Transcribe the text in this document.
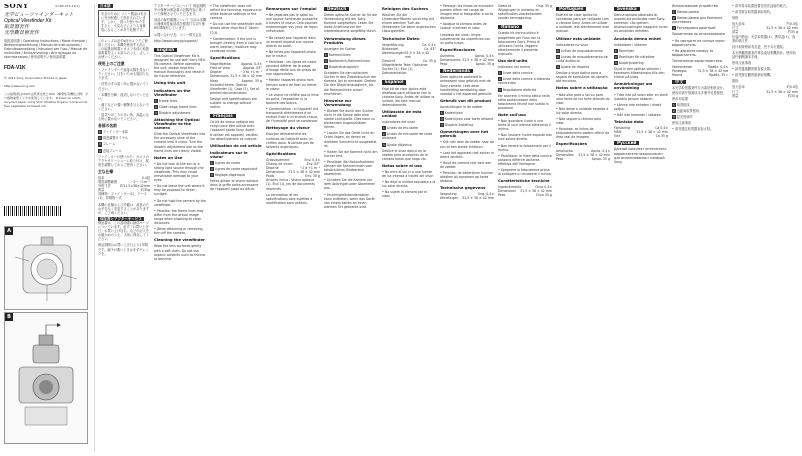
SONY
光学ビューファインダーキット
Optical Viewfinder Kit
取景器套件
光學觀景窗套件

取扱説明書 / Operating Instructions / Mode d'emploi / Bedienungsanleitung / Manual de instrucciones / Gebruiksaanwijzing / Istruzioni per l'uso / Manual de instruções / Bruksanvisning / Инструкция по эксплуатации / 使用说明书 / 使用說明書

FDA-V1K
© 2011 Sony Corporation Printed in Japan
http://www.sony.net/

この説明書は100%古紙再生紙とVOC（揮発性有機化合物）ゼロ植物油型インキを使用しています。 Printed on 100% recycled paper using VOC (Volatile Organic Compound)-free vegetable oil based ink.

4-193-371-11(1)
A
B
日本語

安全のために ソニー製品は安全に充分配慮して設計されています。しかし、誤った使いかたをすると、火災などにより人身事故になることがあり危険です。

このレンズは必ずα用カメラでご使用ください。本機を使用する前に、この取扱説明書とカメラ本体の取扱説明書をよくお読みのうえ、正しくお使いください。

使用上のご注意

・ファインダーで直接太陽を見ないでください。目をいためる原因となります。

・幼児の手の届く所に置かないでください。

・本機を分解・改造しないでください。

・落下などの強い衝撃を与えないでください。

・湿気やほこりの多い所、高温になる所に置かないでください。

各部の名前

1 ファインダー本体

2 視度調整ダイヤル

3 フレーム

4 近接フレーム

ファインダーの使いかた：カメラのアクセサリーシューに取り付け、視度を調整してからご使用ください。

主な仕様

倍率	0.4倍
視度調整範囲	−2〜＋1m⁻¹
外形寸法	約31.5×38×42mm
質量	約35g

同梱物：ファインダー(1)、ケース(1)、印刷物一式

本機の仕様および外観は、改良のため予告なく変更することがありますが、ご了承ください。

保証書とアフターサービス

保証書は、この説明書の最終ページについています。必ず「お買い上げ日・お買い上げ店名」などの記入をお確かめのうえ、大切に保存してください。

保証期間はお買い上げ日より1年間です。調子が悪いときはまずチェックを。

アフターサービスについて 保証期間中の修理は保証書の記載内容に基づいて修理させていただきます。

部品の保有期間について 当社は本機の補修用性能部品を製造打ち切り後6年間保有しています。

お問い合わせ先：ソニー株式会社

http://www.sony.jp/support/

English

This Optical Viewfinder Kit is designed for use with Sony NEX-5N camera. Before operating the unit, please read this manual thoroughly and retain it for future reference.

Using this unit

Indicators on the Viewfinder

1 Frame lines

2 Close range frame lines

3 Dioptric adjustment

Attaching the Optical Viewfinder to the camera

Slide the Optical Viewfinder into the accessory shoe of the camera until it clicks. Turn the dioptric adjustment dial so the frame lines are clearly visible.

Notes on Use

• Do not look at the sun or a strong light source through the viewfinder. This may cause irreversible damage to your eyes.

• Do not leave the unit where it may be exposed to direct sunlight.

• Do not hold the camera by the viewfinder.

• Parallax: the frame lines may differ from the actual image range when shooting at close distances.

• When attaching or removing, turn off the camera.

Cleaning the viewfinder

Wipe the lens surfaces gently with a soft cloth. Do not use organic solvents such as thinner or benzine.

• The viewfinder does not reflect the focusing, exposure or white balance settings of the camera.

• Do not use the viewfinder with lenses other than the E 16mm F2.8.

• Condensation: if the unit is brought directly from a cold to a warm location, moisture may condense inside.

Specifications

Magnification	Approx. 0.4×
Field of view	Approx. 83°
Diopter	−2 to +1 m⁻¹
Dimensions 31.5 × 38 × 42 mm
Mass	Approx. 35 g

Included items: Optical Viewfinder (1), Case (1), Set of printed documentation

Design and specifications are subject to change without notice.

Français

Ce kit de viseur optique est conçu pour être utilisé avec l'appareil photo Sony. Avant d'utiliser cet appareil, veuillez lire attentivement ce manuel.

Utilisation de cet article

Indicateurs sur le viseur

1 Lignes de cadre

2 Lignes de cadre rapproché

3 Réglage dioptrique

Faites glisser le viseur optique dans la griffe porte-accessoire de l'appareil jusqu'au déclic.

Remarques sur l'emploi

• Ne regardez pas le soleil ou une source lumineuse puissante à travers le viseur. Cela pourrait endommager vos yeux de façon irréversible.

• Ne laissez pas l'appareil dans un endroit exposé aux rayons directs du soleil.

• Ne tenez pas l'appareil photo par le viseur.

• Parallaxe : les lignes de cadre peuvent différer de la plage d'image réelle lors de prises de vue rapprochées.

• Mettez l'appareil photo hors tension avant de fixer ou retirer le viseur.

• Le viseur ne reflète pas la mise au point, l'exposition ni la balance des blancs.

• Condensation : si l'appareil est transporté directement d'un endroit froid à un endroit chaud, de l'humidité peut se condenser.

Nettoyage du viseur

Essuyez délicatement les surfaces de l'objectif avec un chiffon doux. N'utilisez pas de solvants organiques.

Spécifications

Grossissement	Env. 0,4×
Champ de vision	Env. 83°
Dioptrie	−2 à +1 m⁻¹
Dimensions 31,5 × 38 × 42 mm
Poids	Env. 35 g

Articles inclus : Viseur optique (1), Étui (1), Jeu de documents imprimés

La conception et les spécifications sont sujettes à modification sans préavis.

Deutsch

Dieser optische Sucher ist für die Verwendung mit der Sony-Kamera vorgesehen. Lesen Sie diese Anleitung vor der Inbetriebnahme sorgfältig durch.

Verwendung dieses Produkts

Anzeigen im Sucher

1 Rahmenlinien

2 Nahbereich-Rahmenlinien

3 Dioptrienausgleich

Schieben Sie den optischen Sucher in den Zubehörschuh der Kamera, bis er einrastet. Drehen Sie den Dioptrienausgleich, bis die Rahmenlinien scharf erscheinen.

Hinweise zur Verwendung

• Blicken Sie durch den Sucher nicht in die Sonne oder eine starke Lichtquelle. Dies kann zu bleibenden Augenschäden führen.

• Lassen Sie das Gerät nicht an Orten liegen, an denen es direktem Sonnenlicht ausgesetzt ist.

• Halten Sie die Kamera nicht am Sucher fest.

• Parallaxe: Bei Nahaufnahmen können die Rahmenlinien vom tatsächlichen Bildbereich abweichen.

• Schalten Sie die Kamera vor dem Anbringen oder Abnehmen aus.

• Feuchtigkeitskondensation kann auftreten, wenn das Gerät von einem kalten an einen warmen Ort gebracht wird.

Reinigen des Suchers

Wischen Sie die Linsenoberflächen vorsichtig mit einem weichen Tuch ab. Verwenden Sie keine organischen Lösungsmittel.

Technische Daten

Vergrößerung	Ca. 0,4×
Bildwinkel	Ca. 83°
Abmessungen 31,5 × 38 × 42 mm
Gewicht	Ca. 35 g

Mitgelieferte Teile: Optischer Sucher (1), Etui (1), Dokumentation

Español

Este kit de visor óptico está diseñado para utilizarse con la cámara Sony. Antes de utilizar la unidad, lea este manual detenidamente.

Utilización de esta unidad

Indicadores del visor

1 Líneas de encuadre

2 Líneas de encuadre de corta distancia

3 Ajuste dióptrico

Deslice el visor óptico en la zapata para accesorios de la cámara hasta que haga clic.

Notas sobre el uso

• No mire al sol ni a una fuente de luz intensa a través del visor.

• No deje la unidad expuesta a la luz solar directa.

• No sujete la cámara por el visor.

• Paralaje: las líneas de encuadre pueden diferir del rango de imagen real al fotografiar a corta distancia.

• Apague la cámara antes de colocar o extraer el visor.

Limpieza del visor: limpie suavemente las superficies con un paño suave.

Especificaciones

Aumento	Aprox. 0,4×
Dimensiones 31,5 × 38 × 42 mm
Peso	Aprox. 35 g
Nederlands

Deze optische zoekerkit is ontworpen voor gebruik met de Sony-camera. Lees deze handleiding aandachtig door voordat u het apparaat gebruikt.

Gebruik van dit product

Aanduidingen in de zoeker

1 Kaderlijnen

2 Kaderlijnen voor korte afstand

3 Dioptrie-instelling

Opmerkingen over het gebruik

• Kijk niet door de zoeker naar de zon of een sterke lichtbron.

• Laat het apparaat niet achter in direct zonlicht.

• Houd de camera niet vast aan de zoeker.

• Parallax: de kaderlijnen kunnen afwijken bij opnamen op korte afstand.

Technische gegevens

Vergroting	Ong. 0,4×
Afmetingen 31,5 × 38 × 42 mm
Gewicht	Ong. 35 g

Wijzigingen in ontwerp en specificaties voorbehouden zonder kennisgeving.

Italiano

Questo kit mirino ottico è progettato per l'uso con la fotocamera Sony. Prima di utilizzare l'unità, leggere attentamente il presente manuale.

Uso dell'unità

Indicatori nel mirino

1 Linee della cornice

2 Linee della cornice a distanza ravvicinata

3 Regolazione diottrica

Far scorrere il mirino ottico nella slitta portaccessori della fotocamera finché non scatta in posizione.

Note sull'uso

• Non guardare il sole o una fonte di luce intensa attraverso il mirino.

• Non lasciare l'unità esposta alla luce solare diretta.

• Non tenere la fotocamera per il mirino.

• Parallasse: le linee della cornice possono differire dall'area effettiva dell'immagine.

• Spegnere la fotocamera prima di collegare o rimuovere il mirino.

Caratteristiche tecniche

Ingrandimento	Circa 0,4×
Dimensioni 31,5 × 38 × 42 mm
Peso	Circa 35 g
Português

Este kit de visor óptico foi concebido para ser utilizado com a câmara Sony. Antes de utilizar a unidade, leia atentamente este manual.

Utilizar esta unidade

Indicadores no visor

1 Linhas de enquadramento

2 Linhas de enquadramento de curta distância

3 Ajuste de dioptria

Deslize o visor óptico para a sapata de acessórios da câmara até encaixar.

Notas sobre a utilização

• Não olhe para o sol ou para uma fonte de luz forte através do visor.

• Não deixe a unidade exposta à luz solar directa.

• Não segure a câmara pelo visor.

• Paralaxe: as linhas de enquadramento podem diferir da área real da imagem.

Especificações

Ampliação	Aprox. 0,4×
Dimensões 31,5 × 38 × 42 mm
Peso	Aprox. 35 g
Svenska

Denna optiska sökarsats är avsedd att användas med Sony-kameran. Läs igenom bruksanvisningen noggrant innan du använder enheten.

Använda denna enhet

Indikatorer i sökaren

1 Ramlinjer

2 Ramlinjer för närbilder

3 Dioptrijustering

Skjut in den optiska sökaren i kamerans tillbehörssko tills den klickar på plats.

Anmärkningar om användning

• Titta inte på solen eller en stark ljuskälla genom sökaren.

• Lämna inte enheten i direkt solljus.

• Håll inte kameran i sökaren.

Tekniska data

Förstoring	Ca 0,4×
Mått	31,5 × 38 × 42 mm
Vikt	Ca 35 g
Русский

Данный комплект оптического видоискателя предназначен для использования с камерой Sony.

Использование устройства

1 Линии рамки

2 Линии рамки для близкого расстояния

3 Регулировка диоптрий

Примечания по использованию

• Не смотрите на солнце через видоискатель.

• Не держите камеру за видоискатель.

Технические характеристики

Увеличение	Прибл. 0,4×
Размеры	31,5 × 38 × 42 мм
Масса	Прибл. 35 г
中文

本光学取景器套件专为索尼相机设计。使用前请仔细阅读本手册并妥善保管。

使用本装置

1 取景框线

2 近距离取景框线

3 屈光度调节

使用注意事项

• 请勿通过取景器直视太阳。

• 请勿将本装置放置在阳光直射的地方。

• 请勿握住取景器拿取相机。

规格

放大倍率	约0.4倍
尺寸	31.5 × 38 × 42 mm
质量	约35 g

包装内物品：光学取景器(1)、携带盒(1)、成套印刷文件

设计和规格如有变更，恕不另行通知。

本光學觀景窗套件專為索尼相機設計。使用前請仔細閱讀本手冊。

使用注意事項

• 請勿通過觀景窗直視太陽。

• 請勿握住觀景窗拿取相機。

規格

放大倍率	約0.4倍
尺寸	31.5 × 38 × 42 mm
質量	約35 g
